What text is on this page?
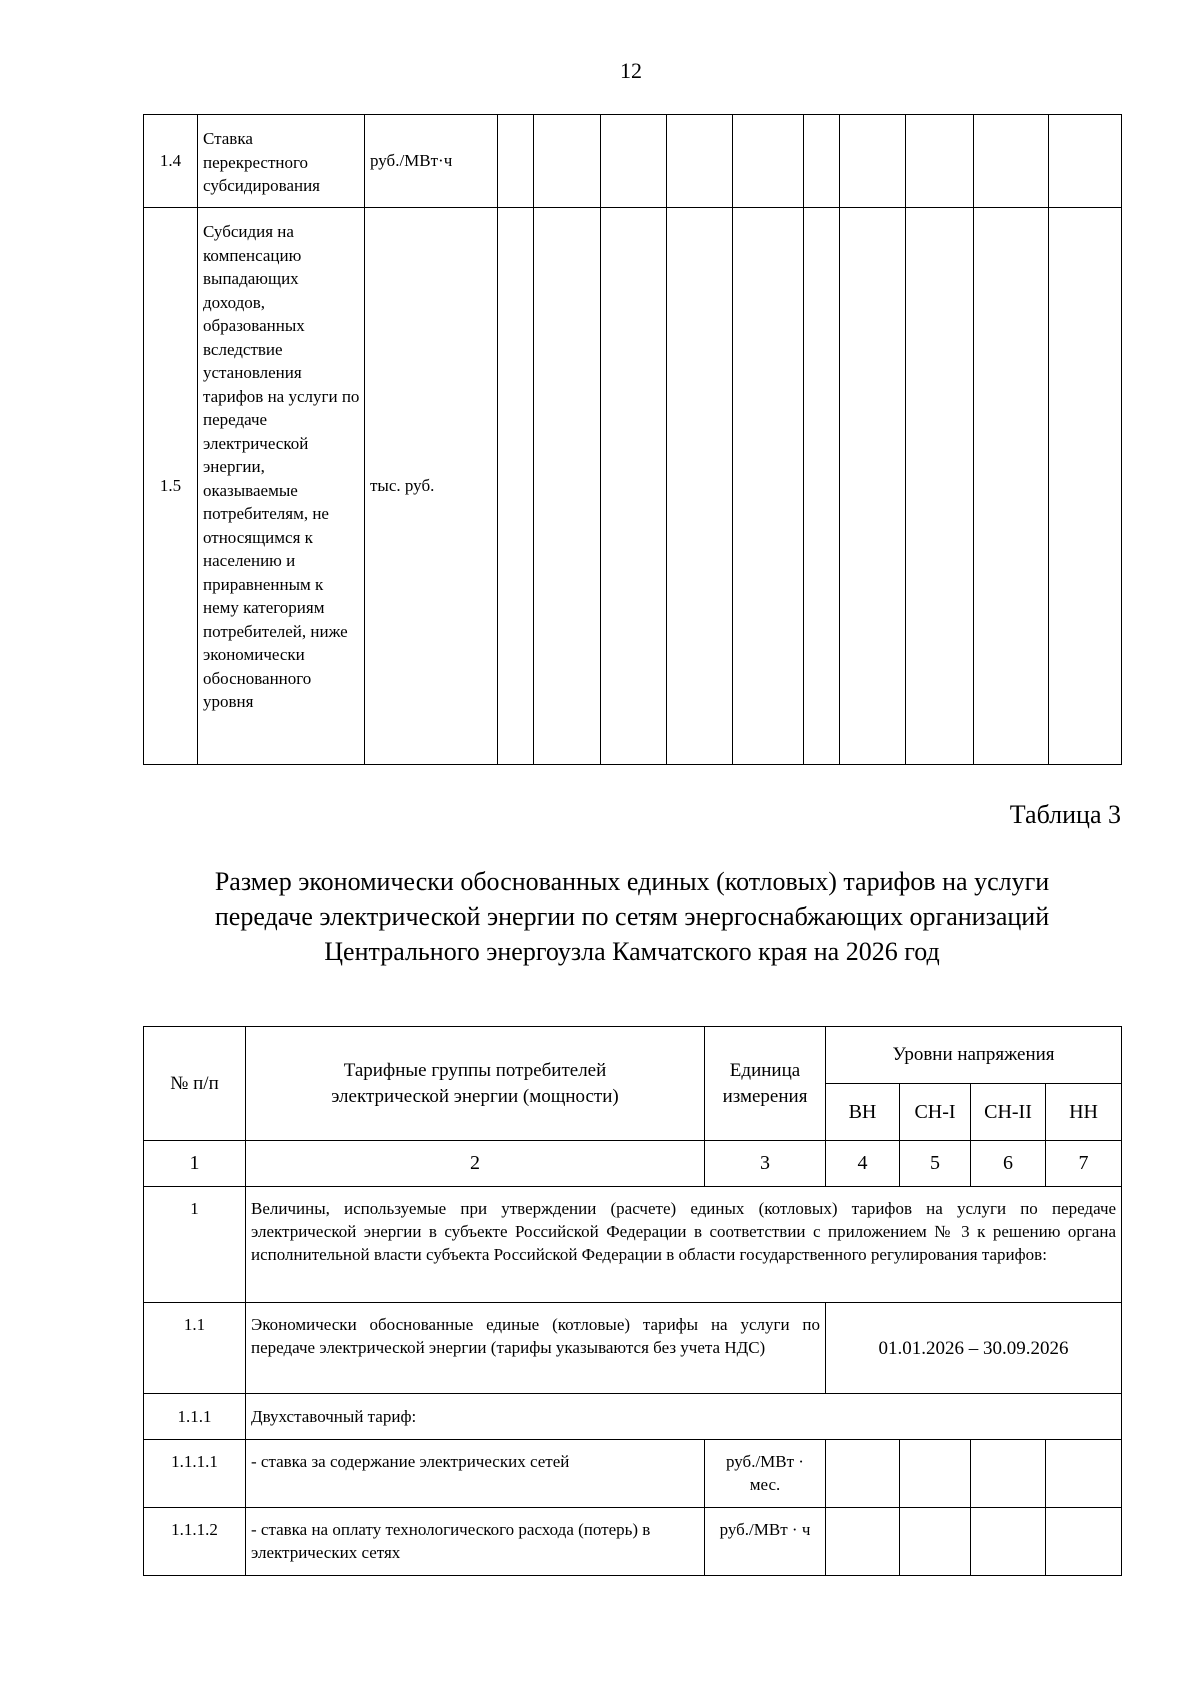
12
1.4	Ставка перекрестного субсидирования	руб./МВт·ч										
1.5	Субсидия на компенсацию выпадающих доходов, образованных вследствие установления тарифов на услуги по передаче электрической энергии, оказываемые потребителям, не относящимся к населению и приравненным к нему категориям потребителей, ниже экономически обоснованного уровня	тыс. руб.										
Таблица 3
Размер экономически обоснованных единых (котловых) тарифов на услуги
передаче электрической энергии по сетям энергоснабжающих организаций
Центрального энергоузла Камчатского края на 2026 год
№ п/п	Тарифные группы потребителей электрической энергии (мощности)	Единица измерения	Уровни напряжения			
			ВН	СН-I	СН-II	НН
1	2	3	4	5	6	7
1	Величины, используемые при утверждении (расчете) единых (котловых) тарифов на услуги по передаче электрической энергии в субъекте Российской Федерации в соответствии с приложением № 3 к решению органа исполнительной власти субъекта Российской Федерации в области государственного регулирования тарифов:					
1.1	Экономически обоснованные единые (котловые) тарифы на услуги по передаче электрической энергии (тарифы указываются без учета НДС)		01.01.2026 – 30.09.2026			
1.1.1	Двухставочный тариф:					
1.1.1.1	- ставка за содержание электрических сетей	руб./МВт · мес.				
1.1.1.2	- ставка на оплату технологического расхода (потерь) в электрических сетях	руб./МВт · ч				
